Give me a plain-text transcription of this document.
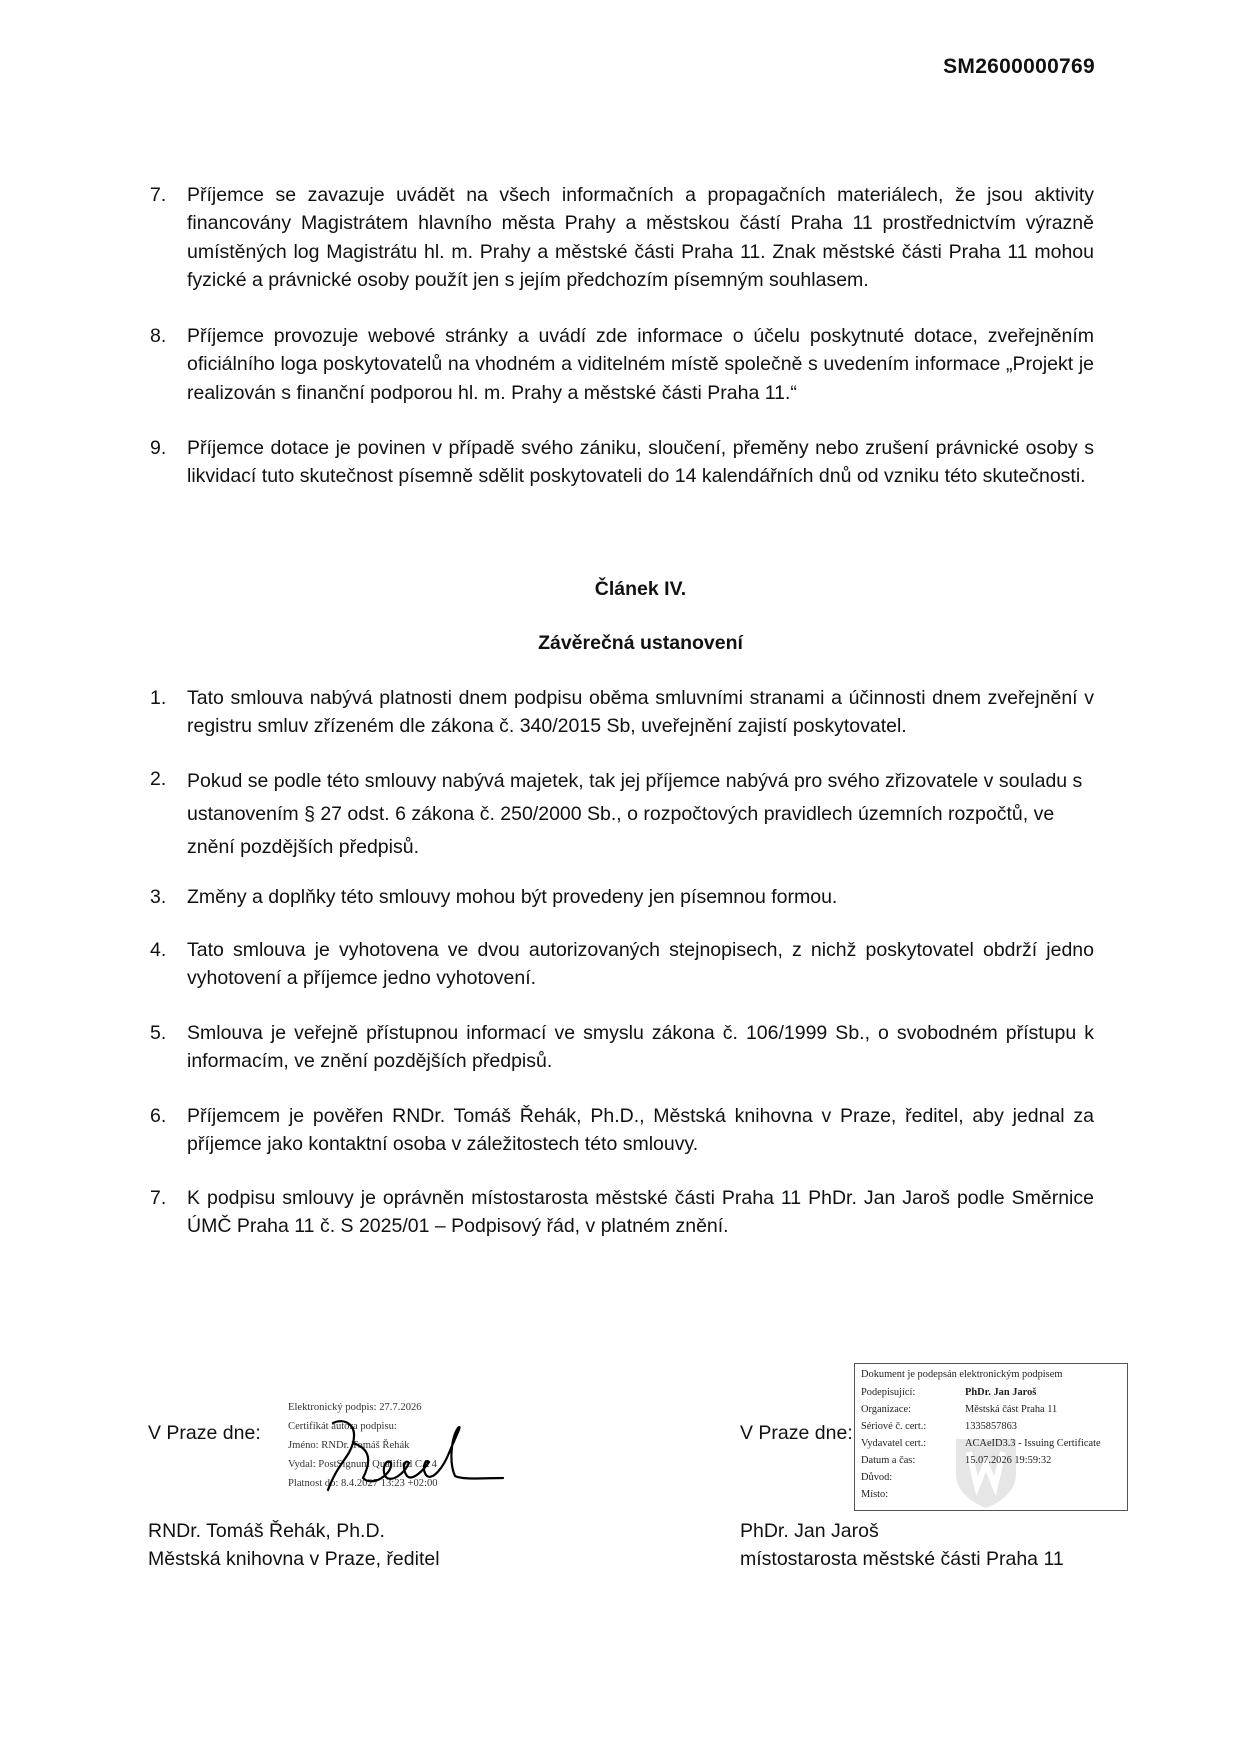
SM2600000769
7.	Příjemce se zavazuje uvádět na všech informačních a propagačních materiálech, že jsou aktivity financovány Magistrátem hlavního města Prahy a městskou částí Praha 11 prostřednictvím výrazně umístěných log Magistrátu hl. m. Prahy a městské části Praha 11. Znak městské části Praha 11 mohou fyzické a právnické osoby použít jen s jejím předchozím písemným souhlasem.
8.	Příjemce provozuje webové stránky a uvádí zde informace o účelu poskytnuté dotace, zveřejněním oficiálního loga poskytovatelů na vhodném a viditelném místě společně s uvedením informace „Projekt je realizován s finanční podporou hl. m. Prahy a městské části Praha 11.“
9.	Příjemce dotace je povinen v případě svého zániku, sloučení, přeměny nebo zrušení právnické osoby s likvidací tuto skutečnost písemně sdělit poskytovateli do 14 kalendářních dnů od vzniku této skutečnosti.
Článek IV.
Závěrečná ustanovení
1.	Tato smlouva nabývá platnosti dnem podpisu oběma smluvními stranami a účinnosti dnem zveřejnění v registru smluv zřízeném dle zákona č. 340/2015 Sb, uveřejnění zajistí poskytovatel.
2.	Pokud se podle této smlouvy nabývá majetek, tak jej příjemce nabývá pro svého zřizovatele v souladu s ustanovením § 27 odst. 6 zákona č. 250/2000 Sb., o rozpočtových pravidlech územních rozpočtů, ve znění pozdějších předpisů.
3.	Změny a doplňky této smlouvy mohou být provedeny jen písemnou formou.
4.	Tato smlouva je vyhotovena ve dvou autorizovaných stejnopisech, z nichž poskytovatel obdrží jedno vyhotovení a příjemce jedno vyhotovení.
5.	Smlouva je veřejně přístupnou informací ve smyslu zákona č. 106/1999 Sb., o svobodném přístupu k informacím, ve znění pozdějších předpisů.
6.	Příjemcem je pověřen RNDr. Tomáš Řehák, Ph.D., Městská knihovna v Praze, ředitel, aby jednal za příjemce jako kontaktní osoba v záležitostech této smlouvy.
7.	K podpisu smlouvy je oprávněn místostarosta městské části Praha 11 PhDr. Jan Jaroš podle Směrnice ÚMČ Praha 11 č. S 2025/01 – Podpisový řád, v platném znění.
V Praze dne:
Elektronický podpis: 27.7.2026
Certifikát autora podpisu:
Jméno: RNDr. Tomáš Řehák
Vydal: PostSignum Qualified CA 4
Platnost do: 8.4.2027 13:23 +02:00
RNDr. Tomáš Řehák, Ph.D.
Městská knihovna v Praze, ředitel
V Praze dne:
Dokument je podepsán elektronickým podpisem
Podepisující:	PhDr. Jan Jaroš
Organizace:	Městská část Praha 11
Sériové č. cert.:	1335857863
Vydavatel cert.:	ACAeID3.3 - Issuing Certificate
Datum a čas:	15.07.2026 19:59:32
Důvod:
Místo:
PhDr. Jan Jaroš
místostarosta městské části Praha 11
